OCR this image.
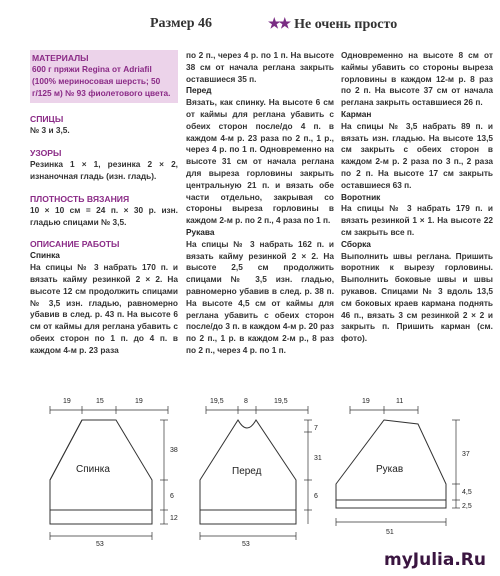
Размер 46	★★ Не очень просто
МАТЕРИАЛЫ
600 г пряжи Regina от Adriafil (100% мериносовая шерсть; 50 г/125 м) № 93 фиолетового цвета.
СПИЦЫ

№ 3 и 3,5.

УЗОРЫ

Резинка 1 × 1, резинка 2 × 2, изнаночная гладь (изн. гладь).

ПЛОТНОСТЬ ВЯЗАНИЯ

10 × 10 см = 24 п. × 30 р. изн. гладью спицами № 3,5.

ОПИСАНИЕ РАБОТЫ
Спинка

На спицы № 3 набрать 170 п. и вязать кайму резинкой 2 × 2. На высоте 12 см продолжить спицами № 3,5 изн. гладью, равномерно убавив в след. р. 43 п. На высоте 6 см от каймы для реглана убавить с обеих сторон по 1 п. до 4 п. в каждом 4-м р. 23 раза

по 2 п., через 4 р. по 1 п. На высоте 38 см от начала реглана закрыть оставшиеся 35 п.

Перед

Вязать, как спинку. На высоте 6 см от каймы для реглана убавить с обеих сторон после/до 4 п. в каждом 4-м р. 23 раза по 2 п., 1 р., через 4 р. по 1 п. Одновременно на высоте 31 см от начала реглана для выреза горловины закрыть центральную 21 п. и вязать обе части отдельно, закрывая со стороны выреза горловины в каждом 2-м р. по 2 п., 4 раза по 1 п.

Рукава

На спицы № 3 набрать 162 п. и вязать кайму резинкой 2 × 2. На высоте 2,5 см продолжить спицами № 3,5 изн. гладью, равномерно убавив в след. р. 38 п. На высоте 4,5 см от каймы для реглана убавить с обеих сторон после/до 3 п. в каждом 4-м р. 20 раз по 2 п., 1 р. в каждом 2-м р., 8 раз по 2 п., через 4 р. по 1 п.

Одновременно на высоте 8 см от каймы убавить со стороны выреза горловины в каждом 12-м р. 8 раз по 2 п. На высоте 37 см от начала реглана закрыть оставшиеся 26 п.

Карман

На спицы № 3,5 набрать 89 п. и вязать изн. гладью. На высоте 13,5 см закрыть с обеих сторон в каждом 2-м р. 2 раза по 3 п., 2 раза по 2 п. На высоте 17 см закрыть оставшиеся 63 п.

Воротник

На спицы № 3 набрать 179 п. и вязать резинкой 1 × 1. На высоте 22 см закрыть все п.

Сборка

Выполнить швы реглана. Пришить воротник к вырезу горловины. Выполнить боковые швы и швы рукавов. Спицами № 3 вдоль 13,5 см боковых краев кармана поднять 46 п., вязать 3 см резинкой 2 × 2 и закрыть п. Пришить карман (см. фото).

19	15	19
Спинка
38
6
12
53
19,5	8	19,5
Перед
7
31
6
53
19	11
Рукав
37
4,5
2,5
51
myJulia.Ru
